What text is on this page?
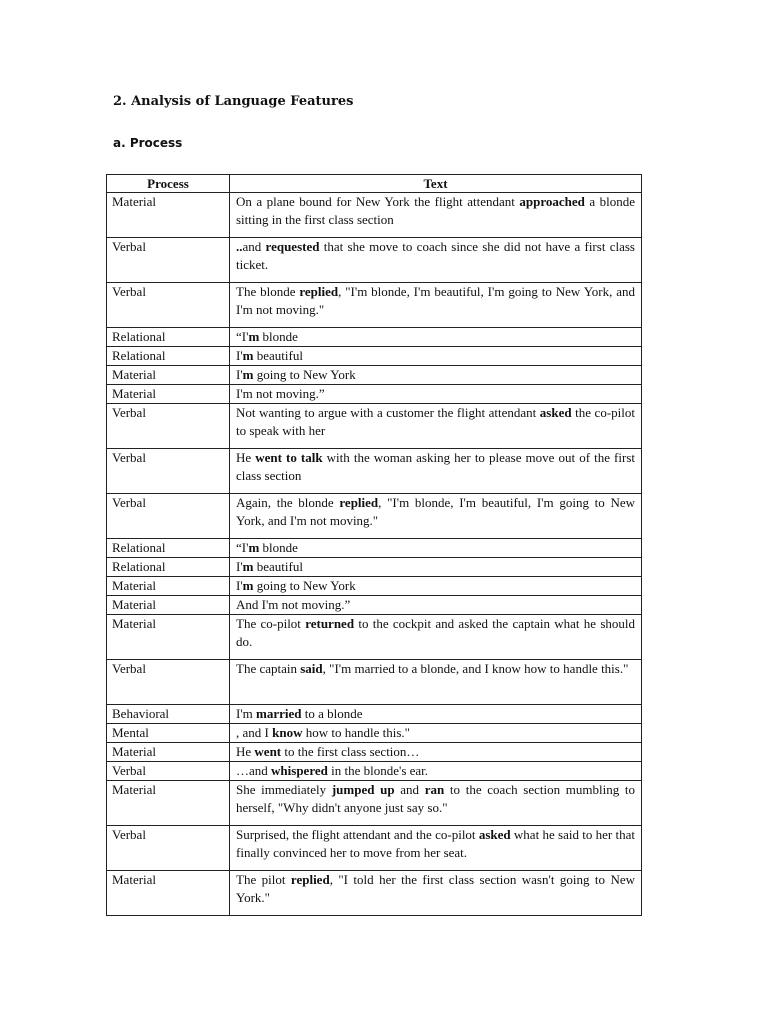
2. Analysis of Language Features
a. Process
Process	Text
Material	On a plane bound for New York the flight attendant approached a blonde sitting in the first class section
Verbal	..and requested that she move to coach since she did not have a first class ticket.
Verbal	The blonde replied, "I'm blonde, I'm beautiful, I'm going to New York, and I'm not moving."
Relational	“I'm blonde
Relational	I'm beautiful
Material	I'm going to New York
Material	I'm not moving.”
Verbal	Not wanting to argue with a customer the flight attendant asked the co-pilot to speak with her
Verbal	He went to talk with the woman asking her to please move out of the first class section
Verbal	Again, the blonde replied, "I'm blonde, I'm beautiful, I'm going to New York, and I'm not moving."
Relational	“I'm blonde
Relational	I'm beautiful
Material	I'm going to New York
Material	And I'm not moving.”
Material	The co-pilot returned to the cockpit and asked the captain what he should do.
Verbal	The captain said, "I'm married to a blonde, and I know how to handle this."
Behavioral	I'm married to a blonde
Mental	, and I know how to handle this."
Material	He went to the first class section…
Verbal	…and whispered in the blonde's ear.
Material	She immediately jumped up and ran to the coach section mumbling to herself, "Why didn't anyone just say so."
Verbal	Surprised, the flight attendant and the co-pilot asked what he said to her that finally convinced her to move from her seat.
Material	The pilot replied, "I told her the first class section wasn't going to New York."
